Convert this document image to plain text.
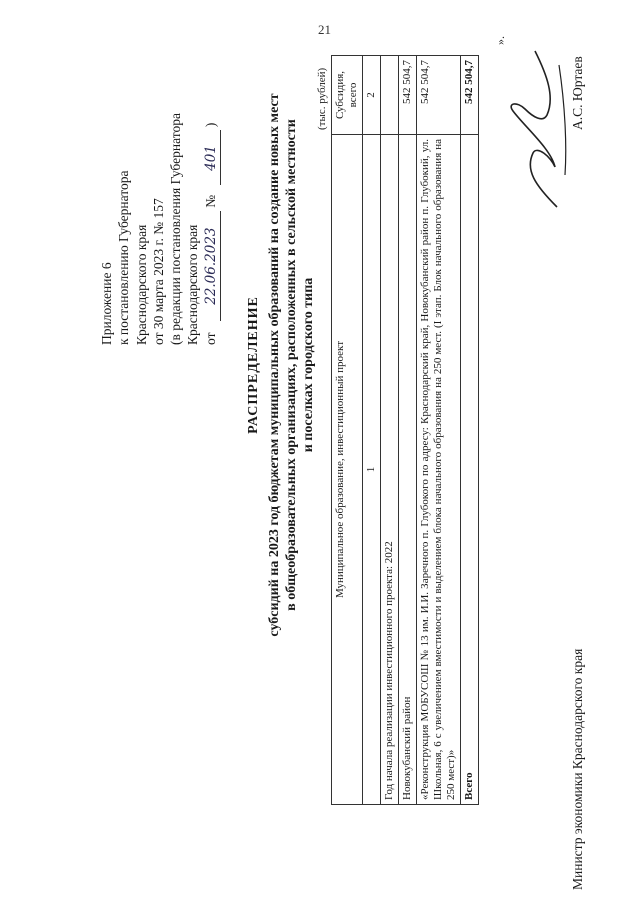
21
Приложение 6 к постановлению Губернатора Краснодарского края от 30 марта 2023 г. № 157 (в редакции постановления Губернатора Краснодарского края от 22.06.2023 № 401 )
РАСПРЕДЕЛЕНИЕ субсидий на 2023 год бюджетам муниципальных образований на создание новых мест в общеобразовательных организациях, расположенных в сельской местности и поселках городского типа
(тыс. рублей)
Муниципальное образование, инвестиционный проект	Субсидия, всего
1	2
Год начала реализации инвестиционного проекта: 2022	
Новокубанский район	542 504,7
«Реконструкция МОБУСОШ № 13 им. И.И. Заречного п. Глубокого по адресу: Краснодарский край, Новокубанский район п. Глубокий, ул. Школьная, 6 с увеличением вместимости и выделением блока начального образования на 250 мест. (I этап. Блок начального образования на 250 мест)»	542 504,7
Всего	542 504,7
».
Министр экономики Краснодарского края
А.С. Юртаев
